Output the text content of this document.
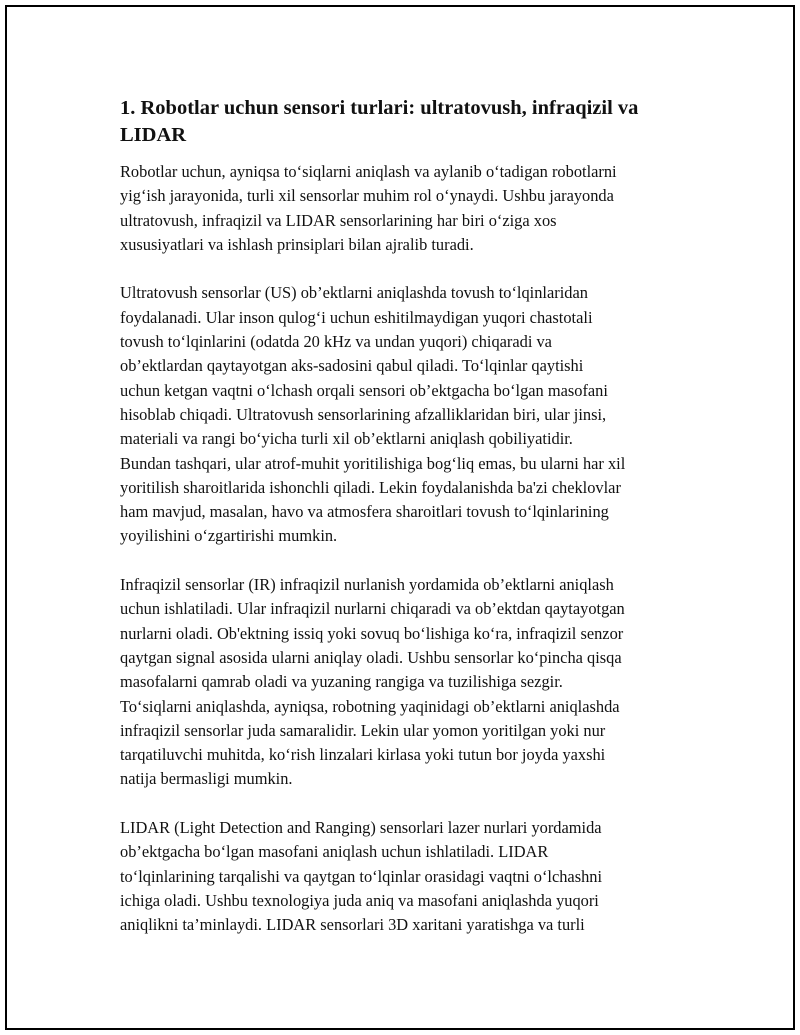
1. Robotlar uchun sensori turlari: ultratovush, infraqizil va
LIDAR

Robotlar uchun, ayniqsa to‘siqlarni aniqlash va aylanib o‘tadigan robotlarni
yig‘ish jarayonida, turli xil sensorlar muhim rol o‘ynaydi. Ushbu jarayonda
ultratovush, infraqizil va LIDAR sensorlarining har biri o‘ziga xos
xususiyatlari va ishlash prinsiplari bilan ajralib turadi.

Ultratovush sensorlar (US) ob’ektlarni aniqlashda tovush to‘lqinlaridan
foydalanadi. Ular inson qulog‘i uchun eshitilmaydigan yuqori chastotali
tovush to‘lqinlarini (odatda 20 kHz va undan yuqori) chiqaradi va
ob’ektlardan qaytayotgan aks-sadosini qabul qiladi. To‘lqinlar qaytishi
uchun ketgan vaqtni o‘lchash orqali sensori ob’ektgacha bo‘lgan masofani
hisoblab chiqadi. Ultratovush sensorlarining afzalliklaridan biri, ular jinsi,
materiali va rangi bo‘yicha turli xil ob’ektlarni aniqlash qobiliyatidir.
Bundan tashqari, ular atrof-muhit yoritilishiga bog‘liq emas, bu ularni har xil
yoritilish sharoitlarida ishonchli qiladi. Lekin foydalanishda ba'zi cheklovlar
ham mavjud, masalan, havo va atmosfera sharoitlari tovush to‘lqinlarining
yoyilishini o‘zgartirishi mumkin.

Infraqizil sensorlar (IR) infraqizil nurlanish yordamida ob’ektlarni aniqlash
uchun ishlatiladi. Ular infraqizil nurlarni chiqaradi va ob’ektdan qaytayotgan
nurlarni oladi. Ob'ektning issiq yoki sovuq bo‘lishiga ko‘ra, infraqizil senzor
qaytgan signal asosida ularni aniqlay oladi. Ushbu sensorlar ko‘pincha qisqa
masofalarni qamrab oladi va yuzaning rangiga va tuzilishiga sezgir.
To‘siqlarni aniqlashda, ayniqsa, robotning yaqinidagi ob’ektlarni aniqlashda
infraqizil sensorlar juda samaralidir. Lekin ular yomon yoritilgan yoki nur
tarqatiluvchi muhitda, ko‘rish linzalari kirlasa yoki tutun bor joyda yaxshi
natija bermasligi mumkin.

LIDAR (Light Detection and Ranging) sensorlari lazer nurlari yordamida
ob’ektgacha bo‘lgan masofani aniqlash uchun ishlatiladi. LIDAR
to‘lqinlarining tarqalishi va qaytgan to‘lqinlar orasidagi vaqtni o‘lchashni
ichiga oladi. Ushbu texnologiya juda aniq va masofani aniqlashda yuqori
aniqlikni ta’minlaydi. LIDAR sensorlari 3D xaritani yaratishga va turli
